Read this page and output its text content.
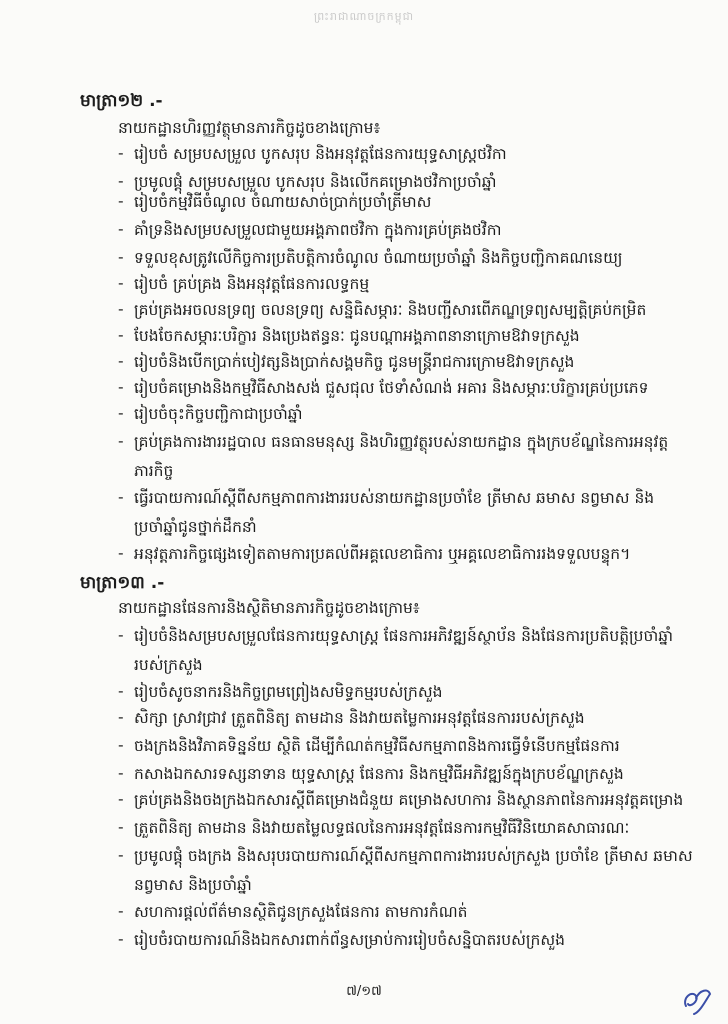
ព្រះរាជាណាចក្រកម្ពុជា
មាត្រា១២ .-
នាយកដ្ឋានហិរញ្ញវត្ថុមានភារកិច្ចដូចខាងក្រោម៖
- រៀបចំ សម្របសម្រួល បូកសរុប និងអនុវត្តផែនការយុទ្ធសាស្ត្រថវិកា
- ប្រមូលផ្តុំ សម្របសម្រួល បូកសរុប និងលើកគម្រោងថវិកាប្រចាំឆ្នាំ
- រៀបចំកម្មវិធីចំណូល ចំណាយសាច់ប្រាក់ប្រចាំត្រីមាស
- គាំទ្រនិងសម្របសម្រួលជាមួយអង្គភាពថវិកា ក្នុងការគ្រប់គ្រងថវិកា
- ទទួលខុសត្រូវលើកិច្ចការប្រតិបត្តិការចំណូល ចំណាយប្រចាំឆ្នាំ និងកិច្ចបញ្ជិកាគណនេយ្យ
- រៀបចំ គ្រប់គ្រង និងអនុវត្តផែនការលទ្ធកម្ម
- គ្រប់គ្រងអចលនទ្រព្យ ចលនទ្រព្យ សន្និធិសម្ភារៈ និងបញ្ជីសារពើភណ្ឌទ្រព្យសម្បត្តិគ្រប់កម្រិត
- បែងចែកសម្ភារៈបរិក្ខារ និងប្រេងឥន្ធនៈ ជូនបណ្តាអង្គភាពនានាក្រោមឱវាទក្រសួង
- រៀបចំនិងបើកប្រាក់បៀវត្សនិងប្រាក់សង្គមកិច្ច ជូនមន្ត្រីរាជការក្រោមឱវាទក្រសួង
- រៀបចំគម្រោងនិងកម្មវិធីសាងសង់ ជួសជុល ថែទាំសំណង់ អគារ និងសម្ភារៈបរិក្ខារគ្រប់ប្រភេទ
- រៀបចំចុះកិច្ចបញ្ជិកាជាប្រចាំឆ្នាំ
- គ្រប់គ្រងការងាររដ្ឋបាល ធនធានមនុស្ស និងហិរញ្ញវត្ថុរបស់នាយកដ្ឋាន ក្នុងក្របខ័ណ្ឌនៃការអនុវត្ត
ភារកិច្ច
- ធ្វើរបាយការណ៍ស្តីពីសកម្មភាពការងាររបស់នាយកដ្ឋានប្រចាំខែ ត្រីមាស ឆមាស នព្វមាស និង
ប្រចាំឆ្នាំជូនថ្នាក់ដឹកនាំ
- អនុវត្តភារកិច្ចផ្សេងទៀតតាមការប្រគល់ពីអគ្គលេខាធិការ ឬអគ្គលេខាធិការរងទទួលបន្ទុក។
មាត្រា១៣ .-
នាយកដ្ឋានផែនការនិងស្ថិតិមានភារកិច្ចដូចខាងក្រោម៖
- រៀបចំនិងសម្របសម្រួលផែនការយុទ្ធសាស្ត្រ ផែនការអភិវឌ្ឍន៍ស្ថាប័ន និងផែនការប្រតិបត្តិប្រចាំឆ្នាំ
របស់ក្រសួង
- រៀបចំសូចនាករនិងកិច្ចព្រមព្រៀងសមិទ្ធកម្មរបស់ក្រសួង
- សិក្សា ស្រាវជ្រាវ ត្រួតពិនិត្យ តាមដាន និងវាយតម្លៃការអនុវត្តផែនការរបស់ក្រសួង
- ចងក្រងនិងវិភាគទិន្នន័យ ស្ថិតិ ដើម្បីកំណត់កម្មវិធីសកម្មភាពនិងការធ្វើទំនើបកម្មផែនការ
- កសាងឯកសារទស្សនាទាន យុទ្ធសាស្ត្រ ផែនការ និងកម្មវិធីអភិវឌ្ឍន៍ក្នុងក្របខ័ណ្ឌក្រសួង
- គ្រប់គ្រងនិងចងក្រងឯកសារស្តីពីគម្រោងជំនួយ គម្រោងសហការ និងស្ថានភាពនៃការអនុវត្តគម្រោង
- ត្រួតពិនិត្យ តាមដាន និងវាយតម្លៃលទ្ធផលនៃការអនុវត្តផែនការកម្មវិធីវិនិយោគសាធារណៈ
- ប្រមូលផ្តុំ ចងក្រង និងសរុបរបាយការណ៍ស្តីពីសកម្មភាពការងាររបស់ក្រសួង ប្រចាំខែ ត្រីមាស ឆមាស
នព្វមាស និងប្រចាំឆ្នាំ
- សហការផ្តល់ព័ត៌មានស្ថិតិជូនក្រសួងផែនការ តាមការកំណត់
- រៀបចំរបាយការណ៍និងឯកសារពាក់ព័ន្ធសម្រាប់ការរៀបចំសន្និបាតរបស់ក្រសួង
៧/១៧
